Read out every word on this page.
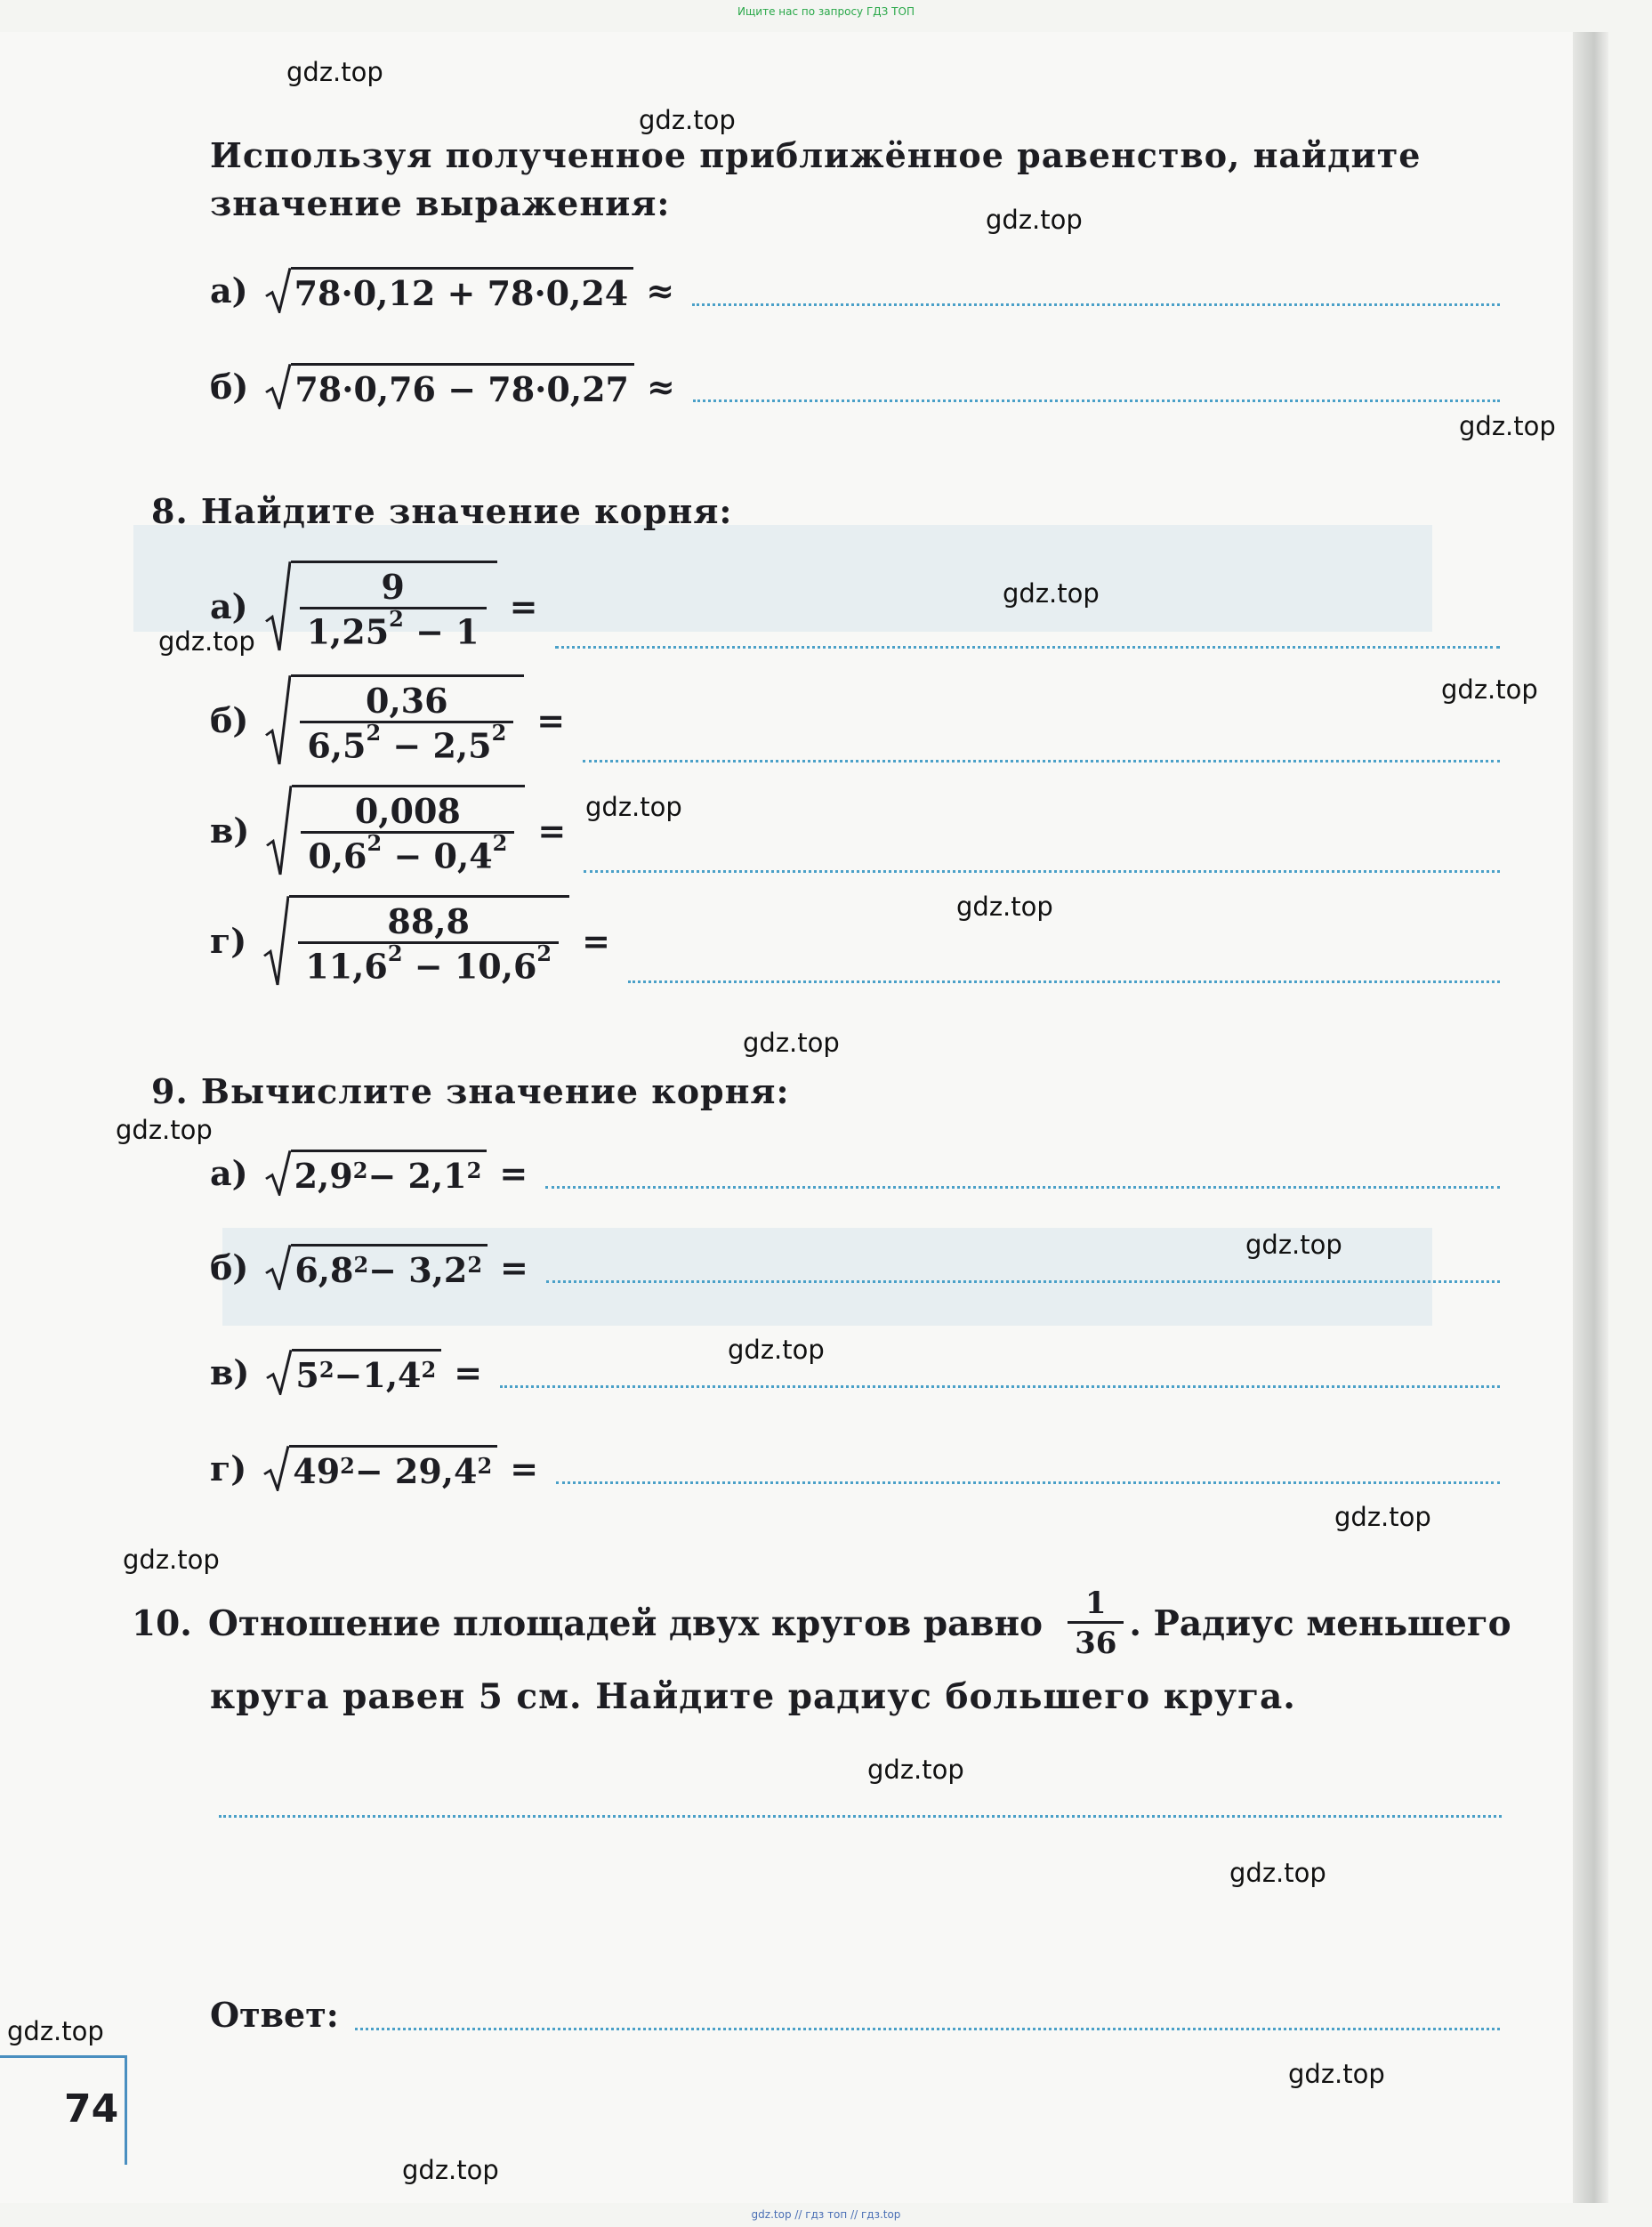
Ищите нас по запросу ГДЗ ТОП
gdz.top // гдз топ // гдз.top
gdz.top
gdz.top
gdz.top
gdz.top
gdz.top
gdz.top
gdz.top
gdz.top
gdz.top
gdz.top
gdz.top
gdz.top
gdz.top
gdz.top
gdz.top
gdz.top
gdz.top
gdz.top
gdz.top
gdz.top
Используя полученное приближённое равенство, найдите значение выражения:
а) 78·0,12 + 78·0,24 ≈
б) 78·0,76 − 78·0,27 ≈
8. Найдите значение корня:
$а) \frac{9}{1,25^2 - 1}$ =
$б) \frac{0,36}{6,5^2 - 2,5^2}$ =
$в) \frac{0,008}{0,6^2 - 0,4^2}$ =
$г) \frac{88,8}{11,6^2 - 10,6^2}$ =
9. Вычислите значение корня:
а) $2,9^2 - 2,1^2$ =
б) $6,8^2 - 3,2^2$ =
в) $5^2 -1,4^2$ =
г) $49^2 - 29,4^2$ =
10. Отношение площадей двух кругов равно $\frac{1}{36}$ . Радиус меньшего
круга равен 5 см. Найдите радиус большего круга.
Ответ:
74
